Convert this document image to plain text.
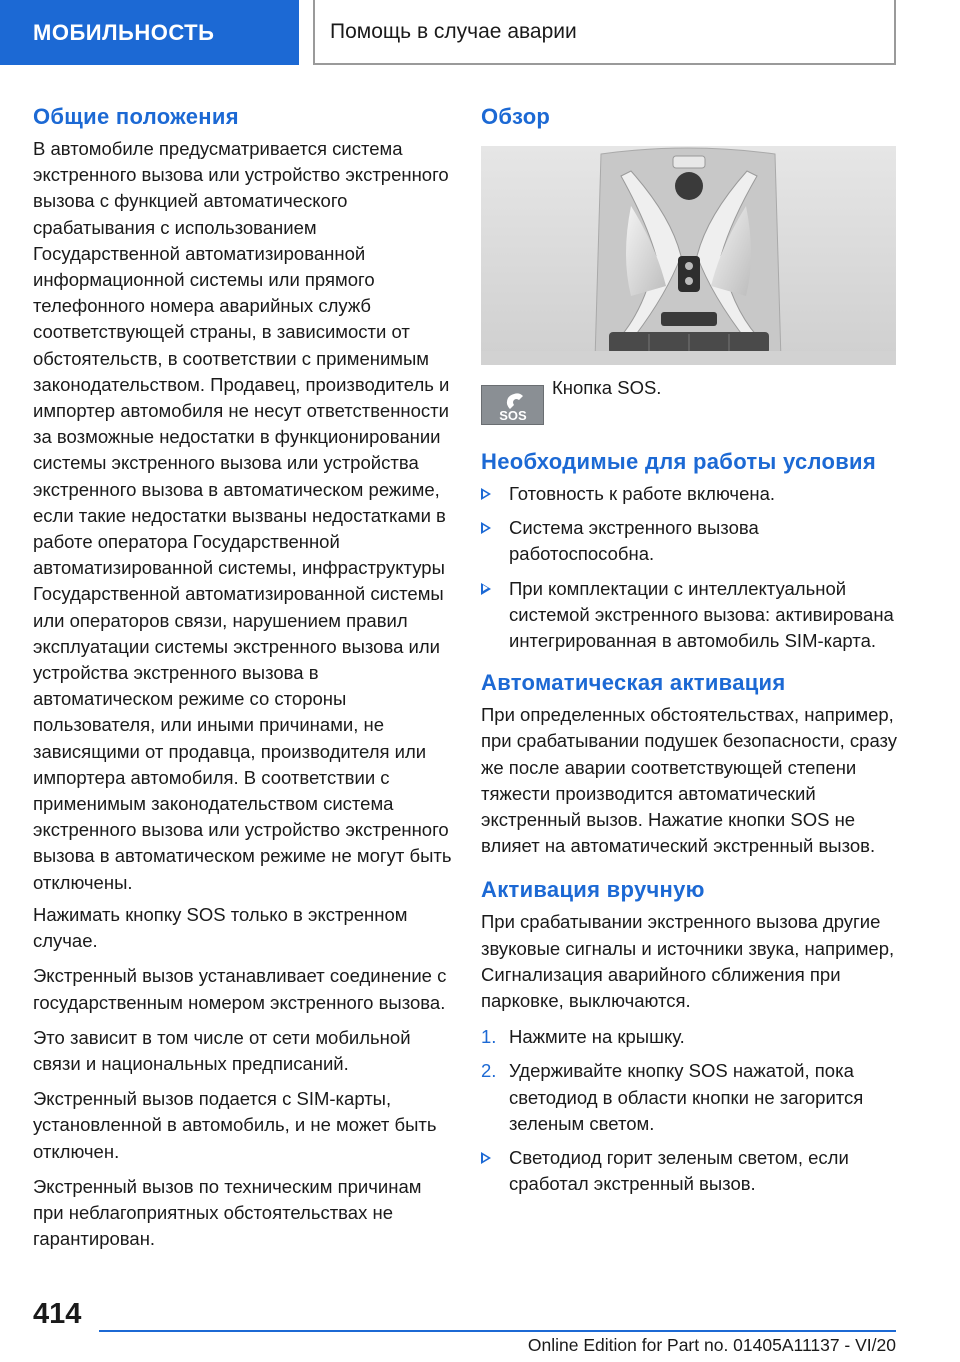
МОБИЛЬНОСТЬ	Помощь в случае аварии
Общие положения

В автомобиле предусматривается система экстренного вызова или устройство экстренного вызова с функцией автоматического срабатывания с использованием Государственной автоматизированной информационной системы или прямого телефонного номера аварийных служб соответствующей страны, в зависимости от обстоятельств, в соответствии с применимым законодательством. Продавец, производитель и импортер автомобиля не несут ответственности за возможные недостатки в функционировании системы экстренного вызова или устройства экстренного вызова в автоматическом режиме, если такие недостатки вызваны недостатками в работе оператора Государственной автоматизированной системы, инфраструктуры Государственной автоматизированной системы или операторов связи, нарушением правил эксплуатации системы экстренного вызова или устройства экстренного вызова в автоматическом режиме со стороны пользователя, или иными причинами, не зависящими от продавца, производителя или импортера автомобиля. В соответствии с применимым законодательством система экстренного вызова или устройство экстренного вызова в автоматическом режиме не могут быть отключены.

Нажимать кнопку SOS только в экстренном случае.

Экстренный вызов устанавливает соединение с государственным номером экстренного вызова.

Это зависит в том числе от сети мобильной связи и национальных предписаний.

Экстренный вызов подается с SIM-карты, установленной в автомобиль, и не может быть отключен.

Экстренный вызов по техническим причинам при неблагоприятных обстоятельствах не гарантирован.

Обзор
SOS
Кнопка SOS.
Необходимые для работы условия
Готовность к работе включена.
Система экстренного вызова работоспособна.
При комплектации с интеллектуальной системой экстренного вызова: активирована интегрированная в автомобиль SIM-карта.
Автоматическая активация

При определенных обстоятельствах, например, при срабатывании подушек безопасности, сразу же после аварии соответствующей степени тяжести производится автоматический экстренный вызов. Нажатие кнопки SOS не влияет на автоматический экстренный вызов.

Активация вручную

При срабатывании экстренного вызова другие звуковые сигналы и источники звука, например, Сигнализация аварийного сближения при парковке, выключаются.

1. Нажмите на крышку.
2. Удерживайте кнопку SOS нажатой, пока светодиод в области кнопки не загорится зеленым светом.
Светодиод горит зеленым светом, если сработал экстренный вызов.
414
Online Edition for Part no. 01405A11137 - VI/20
